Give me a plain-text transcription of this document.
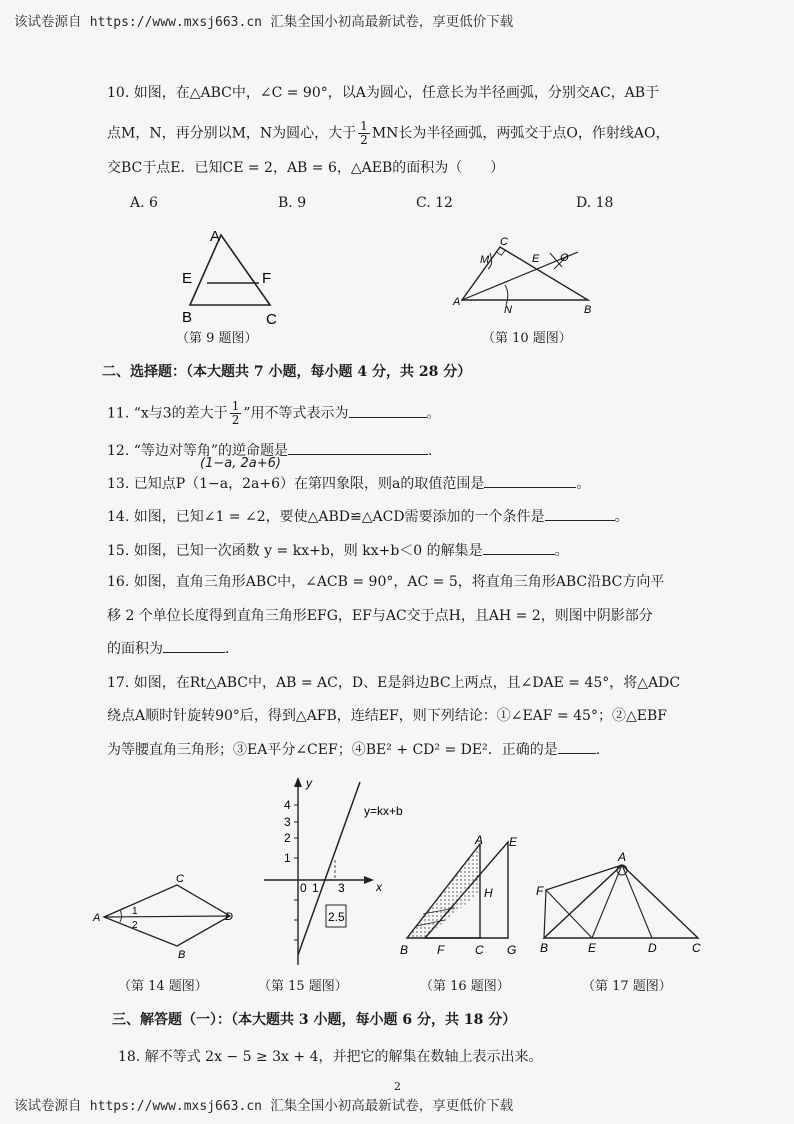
该试卷源自 https://www.mxsj663.cn 汇集全国小初高最新试卷，享更低价下载
10. 如图，在△ABC中，∠C = 90°，以A为圆心，任意长为半径画弧，分别交AC，AB于
点M，N，再分别以M，N为圆心，大于 $\frac{1}{2}$ MN长为半径画弧，两弧交于点O，作射线AO，
交BC于点E．已知CE = 2，AB = 6，△AEB的面积为（　　）
A. 6	B. 9	C. 12	D. 18
A
E	F
B	C
（第 9 题图）
C
M	E O
A
N	B
（第 10 题图）
二、选择题：（本大题共 7 小题，每小题 4 分，共 28 分）
11. “x与3的差大于 $\frac{1}{2}$ ”用不等式表示为	。
12. “等边对等角”的逆命题是	.
(1−a, 2a+6)
13. 已知点P（1−a，2a+6）在第四象限，则a的取值范围是	。
14. 如图，已知∠1 = ∠2，要使△ABD≌△ACD需要添加的一个条件是	。
15. 如图，已知一次函数 y = kx+b，则 kx+b＜0 的解集是	。
16. 如图，直角三角形ABC中，∠ACB = 90°，AC = 5，将直角三角形ABC沿BC方向平
移 2 个单位长度得到直角三角形EFG，EF与AC交于点H，且AH = 2，则图中阴影部分
的面积为	.
17. 如图，在Rt△ABC中，AB = AC，D、E是斜边BC上两点，且∠DAE = 45°，将△ADC
绕点A顺时针旋转90°后，得到△AFB，连结EF，则下列结论：①∠EAF = 45°；②△EBF
为等腰直角三角形；③EA平分∠CEF；④BE² + CD² = DE²．正确的是	.
C
A
1
2
D
B
（第 14 题图）
2.5
y
x
y=kx+b
4
3
2
1
0 1 3
（第 15 题图）
A E
H
B F	C G
（第 16 题图）
A
F
B	E	D	C
（第 17 题图）
三、解答题（一）：（本大题共 3 小题，每小题 6 分，共 18 分）
18. 解不等式 2x − 5 ≥ 3x + 4，并把它的解集在数轴上表示出来。
2
该试卷源自 https://www.mxsj663.cn 汇集全国小初高最新试卷，享更低价下载
